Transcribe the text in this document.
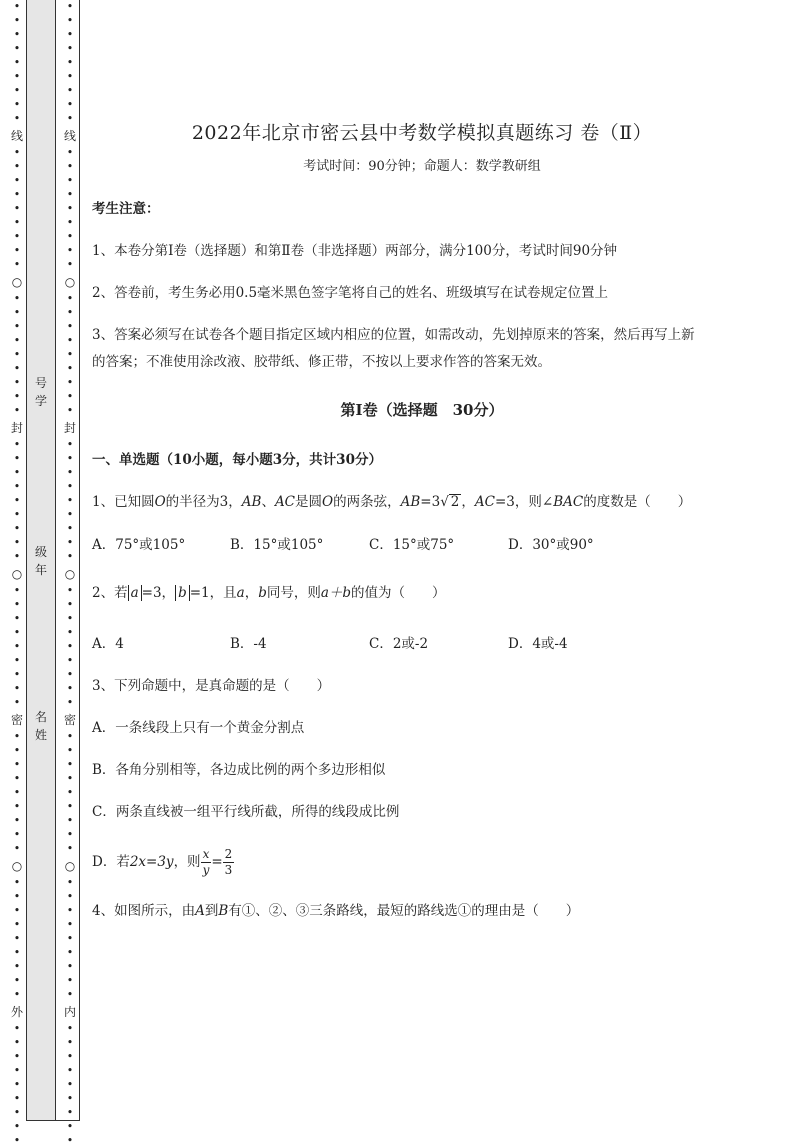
•
•
•
•
•
•
•
•
•
线
•
•
•
•
•
•
•
•
•
○
•
•
•
•
•
•
•
•
•
封
•
•
•
•
•
•
•
•
•
○
•
•
•
•
•
•
•
•
•
密
•
•
•
•
•
•
•
•
•
○
•
•
•
•
•
•
•
•
•
外
•
•
•
•
•
•
•
•
•
•
•
•
•
•
•
•
•
•
线
•
•
•
•
•
•
•
•
•
○
•
•
•
•
•
•
•
•
•
封
•
•
•
•
•
•
•
•
•
○
•
•
•
•
•
•
•
•
•
密
•
•
•
•
•
•
•
•
•
○
•
•
•
•
•
•
•
•
•
内
•
•
•
•
•
•
•
•
•
号
学
级
年
名
姓
2022年北京市密云县中考数学模拟真题练习 卷（Ⅱ）
考试时间：90分钟；命题人：数学教研组
考生注意：
1、本卷分第Ⅰ卷（选择题）和第Ⅱ卷（非选择题）两部分，满分100分，考试时间90分钟
2、答卷前，考生务必用0.5毫米黑色签字笔将自己的姓名、班级填写在试卷规定位置上
3、答案必须写在试卷各个题目指定区域内相应的位置，如需改动，先划掉原来的答案，然后再写上新
的答案；不准使用涂改液、胶带纸、修正带，不按以上要求作答的答案无效。
第Ⅰ卷（选择题　30分）
一、单选题（10小题，每小题3分，共计30分）
1、已知圆O的半径为3，AB、AC是圆O的两条弦，AB=3√ 2 ，AC=3，则∠BAC的度数是（　　）
A．75°或105°	B．15°或105°	C．15°或75°	D．30°或90°
2、若 a =3， b =1，且a，b同号，则a＋b的值为（　　）
A．4	B．-4	C．2或-2	D．4或-4
3、下列命题中，是真命题的是（　　）
A．一条线段上只有一个黄金分割点
B．各角分别相等，各边成比例的两个多边形相似
C．两条直线被一组平行线所截，所得的线段成比例
D．若2x=3y，则 $\frac{x}{y} = \frac{2}{3}$
4、如图所示，由A到B有①、②、③三条路线，最短的路线选①的理由是（　　）
